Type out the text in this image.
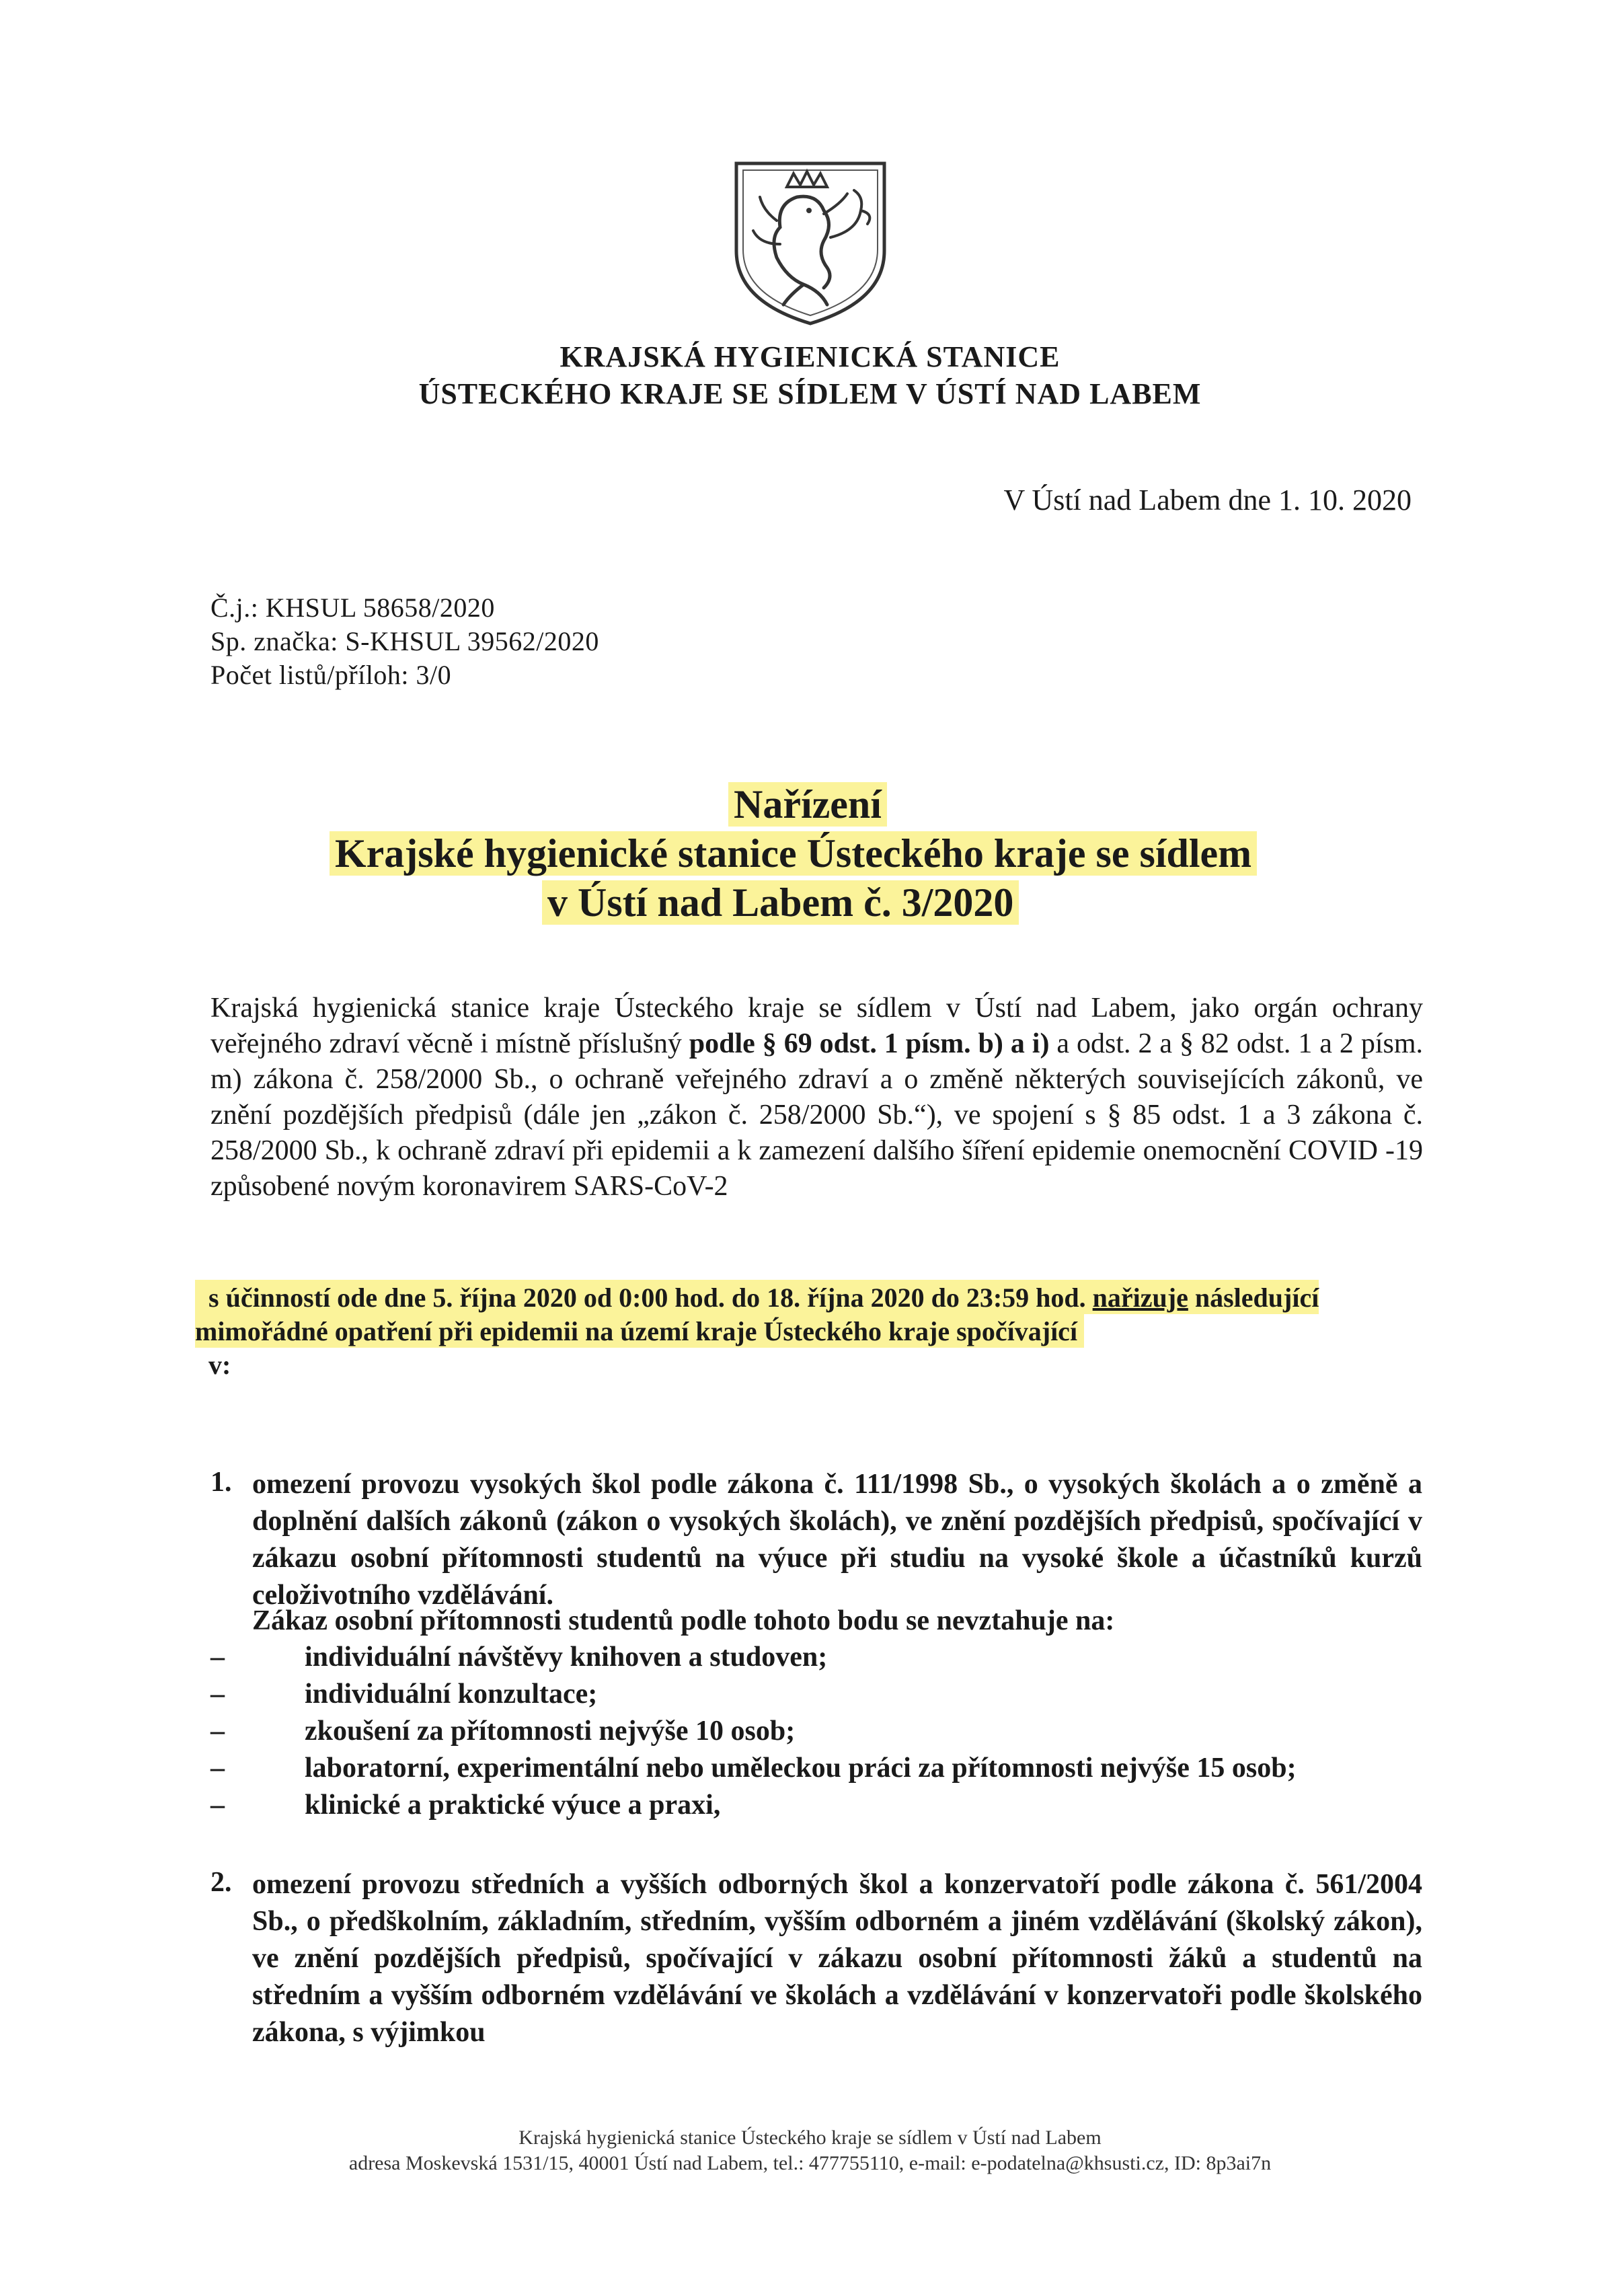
KRAJSKÁ HYGIENICKÁ STANICE
ÚSTECKÉHO KRAJE SE SÍDLEM V ÚSTÍ NAD LABEM
V Ústí nad Labem dne 1. 10. 2020
Č.j.: KHSUL 58658/2020
Sp. značka: S-KHSUL 39562/2020
Počet listů/příloh: 3/0
Nařízení
Krajské hygienické stanice Ústeckého kraje se sídlem
v Ústí nad Labem č. 3/2020
Krajská hygienická stanice kraje Ústeckého kraje se sídlem v Ústí nad Labem, jako orgán ochrany veřejného zdraví věcně i místně příslušný podle § 69 odst. 1 písm. b) a i) a odst. 2 a § 82 odst. 1 a 2 písm. m) zákona č. 258/2000 Sb., o ochraně veřejného zdraví a o změně některých souvisejících zákonů, ve znění pozdějších předpisů (dále jen „zákon č. 258/2000 Sb.“), ve spojení s § 85 odst. 1 a 3 zákona č. 258/2000 Sb., k ochraně zdraví při epidemii a k zamezení dalšího šíření epidemie onemocnění COVID -19 způsobené novým koronavirem SARS-CoV-2
s účinností ode dne 5. října 2020 od 0:00 hod. do 18. října 2020 do 23:59 hod. nařizuje následující mimořádné opatření při epidemii na území kraje Ústeckého kraje spočívající
v:
1. omezení provozu vysokých škol podle zákona č. 111/1998 Sb., o vysokých školách a o změně a doplnění dalších zákonů (zákon o vysokých školách), ve znění pozdějších předpisů, spočívající v zákazu osobní přítomnosti studentů na výuce při studiu na vysoké škole a účastníků kurzů celoživotního vzdělávání.
Zákaz osobní přítomnosti studentů podle tohoto bodu se nevztahuje na:
–	individuální návštěvy knihoven a studoven;
–	individuální konzultace;
–	zkoušení za přítomnosti nejvýše 10 osob;
–	laboratorní, experimentální nebo uměleckou práci za přítomnosti nejvýše 15 osob;
–	klinické a praktické výuce a praxi,
2. omezení provozu středních a vyšších odborných škol a konzervatoří podle zákona č. 561/2004 Sb., o předškolním, základním, středním, vyšším odborném a jiném vzdělávání (školský zákon), ve znění pozdějších předpisů, spočívající v zákazu osobní přítomnosti žáků a studentů na středním a vyšším odborném vzdělávání ve školách a vzdělávání v konzervatoři podle školského zákona, s výjimkou
Krajská hygienická stanice Ústeckého kraje se sídlem v Ústí nad Labem
adresa Moskevská 1531/15, 40001 Ústí nad Labem, tel.: 477755110, e-mail: e-podatelna@khsusti.cz, ID: 8p3ai7n
